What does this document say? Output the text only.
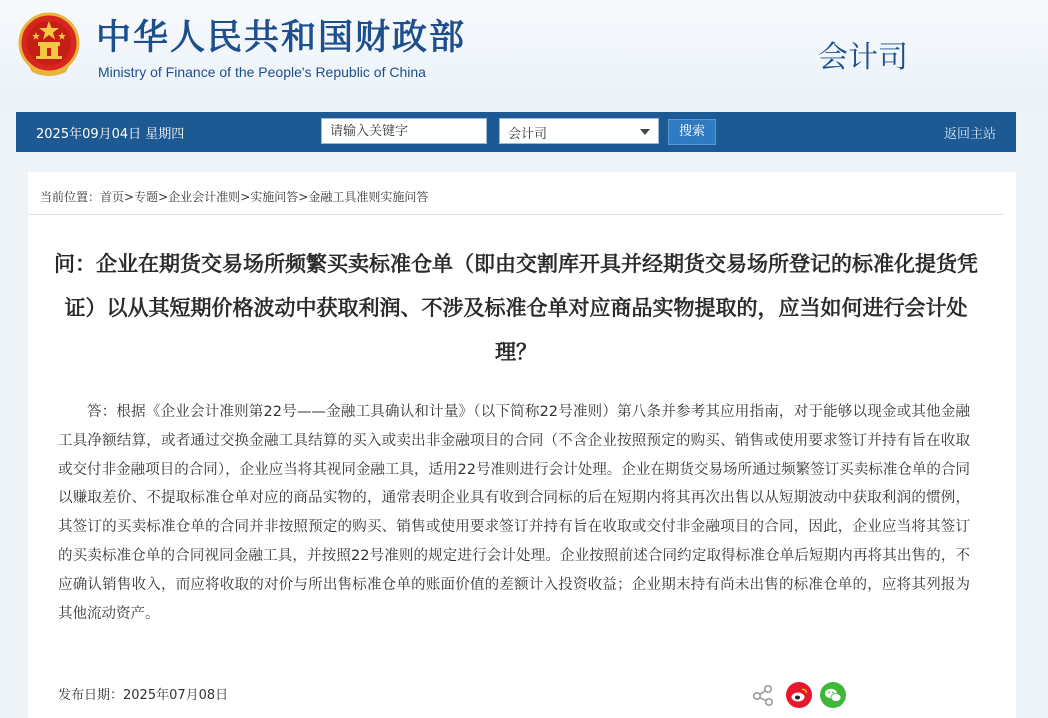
中华人民共和国财政部
Ministry of Finance of the People's Republic of China	会计司
2025年09月04日 星期四
请输入关键字	会计司	搜索	返回主站
当前位置：首页>专题>企业会计准则>实施问答>金融工具准则实施问答
问：企业在期货交易场所频繁买卖标准仓单（即由交割库开具并经期货交易场所登记的标准化提货凭证）以从其短期价格波动中获取利润、不涉及标准仓单对应商品实物提取的，应当如何进行会计处理？
答：根据《企业会计准则第22号——金融工具确认和计量》（以下简称22号准则）第八条并参考其应用指南，对于能够以现金或其他金融工具净额结算，或者通过交换金融工具结算的买入或卖出非金融项目的合同（不含企业按照预定的购买、销售或使用要求签订并持有旨在收取或交付非金融项目的合同），企业应当将其视同金融工具，适用22号准则进行会计处理。企业在期货交易场所通过频繁签订买卖标准仓单的合同以赚取差价、不提取标准仓单对应的商品实物的，通常表明企业具有收到合同标的后在短期内将其再次出售以从短期波动中获取利润的惯例，其签订的买卖标准仓单的合同并非按照预定的购买、销售或使用要求签订并持有旨在收取或交付非金融项目的合同，因此，企业应当将其签订的买卖标准仓单的合同视同金融工具，并按照22号准则的规定进行会计处理。企业按照前述合同约定取得标准仓单后短期内再将其出售的，不应确认销售收入，而应将收取的对价与所出售标准仓单的账面价值的差额计入投资收益；企业期末持有尚未出售的标准仓单的，应将其列报为其他流动资产。
发布日期：2025年07月08日
